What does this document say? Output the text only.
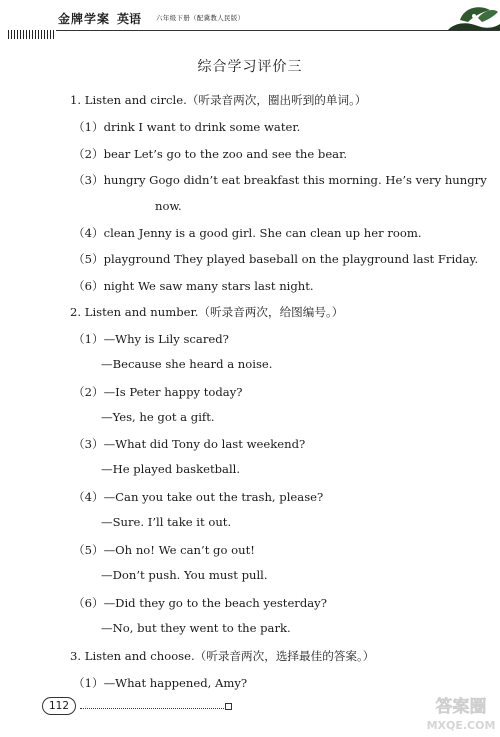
金牌学案 英语 六年级下册（配冀教人民版）
综合学习评价三
1. Listen and circle.（听录音两次，圈出听到的单词。）
（1）drink I want to drink some water.
（2）bear Let’s go to the zoo and see the bear.
（3）hungry Gogo didn’t eat breakfast this morning. He’s very hungry
now.
（4）clean Jenny is a good girl. She can clean up her room.
（5）playground They played baseball on the playground last Friday.
（6）night We saw many stars last night.
2. Listen and number.（听录音两次，给图编号。）
（1）—Why is Lily scared?
—Because she heard a noise.
（2）—Is Peter happy today?
—Yes, he got a gift.
（3）—What did Tony do last weekend?
—He played basketball.
（4）—Can you take out the trash, please?
—Sure. I’ll take it out.
（5）—Oh no! We can’t go out!
—Don’t push. You must pull.
（6）—Did they go to the beach yesterday?
—No, but they went to the park.
3. Listen and choose.（听录音两次，选择最佳的答案。）
（1）—What happened, Amy?
112	答案圈
MXQE.COM
